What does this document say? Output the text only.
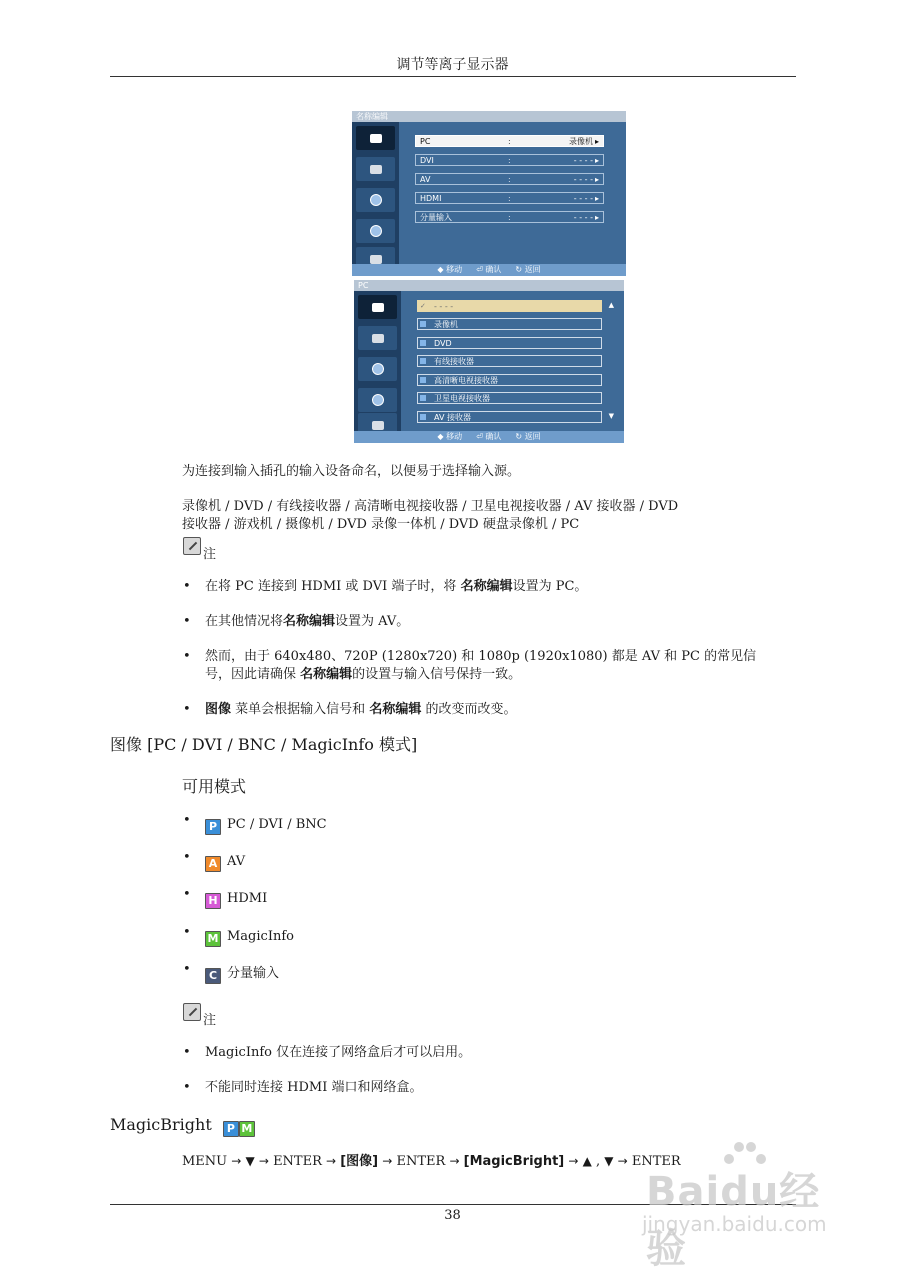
调节等离子显示器
名称编辑
PC	:	录像机 ▸
DVI	:	- - - - ▸
AV	:	- - - - ▸
HDMI	:	- - - - ▸
分量输入	:	- - - - ▸
◆ 移动 ⏎ 确认 ↻ 返回
PC
✓ - - - -	▲
录像机
DVD
有线接收器
高清晰电视接收器
卫星电视接收器
AV 接收器	▼
◆ 移动 ⏎ 确认 ↻ 返回
为连接到输入插孔的输入设备命名，以便易于选择输入源。
录像机 / DVD / 有线接收器 / 高清晰电视接收器 / 卫星电视接收器 / AV 接收器 / DVD
接收器 / 游戏机 / 摄像机 / DVD 录像一体机 / DVD 硬盘录像机 / PC
注
• 在将 PC 连接到 HDMI 或 DVI 端子时，将 名称编辑设置为 PC。
• 在其他情况将名称编辑设置为 AV。
• 然而，由于 640x480、720P (1280x720) 和 1080p (1920x1080) 都是 AV 和 PC 的常见信
号，因此请确保 名称编辑的设置与输入信号保持一致。
• 图像 菜单会根据输入信号和 名称编辑 的改变而改变。
图像 [PC / DVI / BNC / MagicInfo 模式]
可用模式
• P PC / DVI / BNC
• A AV
• H HDMI
• M MagicInfo
• C 分量输入
注
• MagicInfo 仅在连接了网络盒后才可以启用。
• 不能同时连接 HDMI 端口和网络盒。
MagicBright P M
MENU → ▼ → ENTER → [图像] → ENTER → [MagicBright] → ▲ , ▼ → ENTER
38
Baidu经验
jingyan.baidu.com
